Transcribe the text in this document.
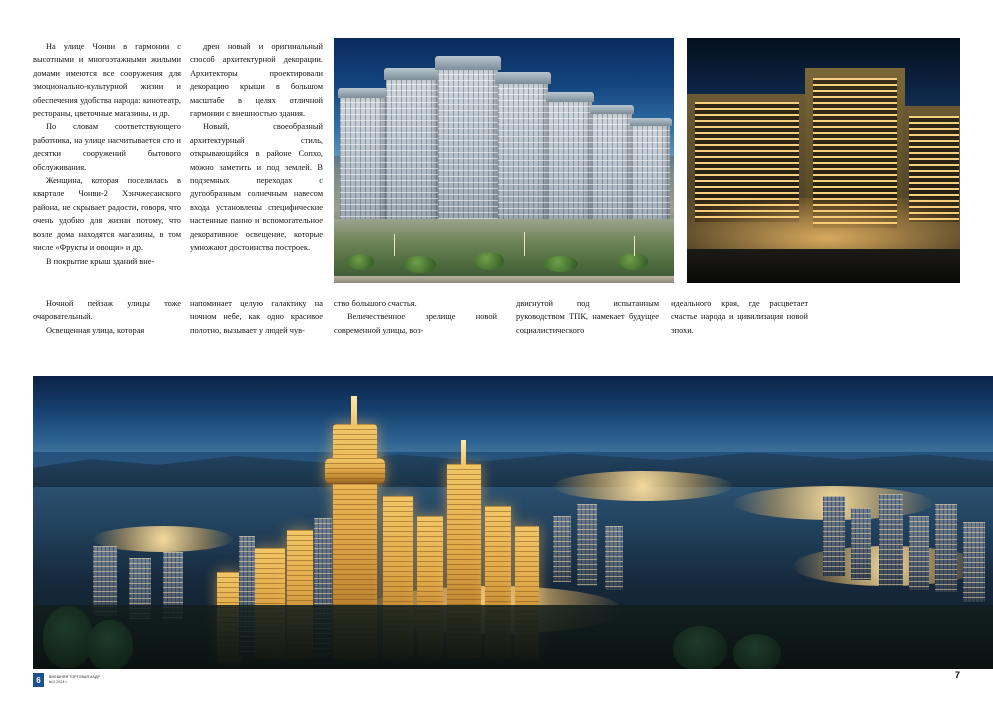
На улице Чонви в гармонии с высотными и многоэтажными жилыми домами имеются все сооружения для эмоционально-культурной жизни и обеспечения удобства народа: кинотеатр, рестораны, цветочные магазины, и др.

По словам соответствующего работника, на улице насчитывается сто и десятки сооружений бытового обслуживания.

Женщина, которая поселилась в квартале Чонви-2 Хэнчжесанского района, не скрывает радости, говоря, что очень удобно для жизни потому, что возле дома находятся магазины, в том числе «Фрукты и овощи» и др.

В покрытие крыш зданий вне-

дрен новый и оригинальный способ архитектурной декорации. Архитекторы проектировали декорацию крыши в большом масштабе в целях отличной гармонии с внешностью здания.

Новый, своеобразный архитектурный стиль, открывающийся в районе Сопхо, можно заметить и под землей. В подземных переходах с дугообразным солнечным навесом входа установлены специфические настенные панно и вспомогательное декоративное освещение, которые умножают достоинства построек.

Ночной пейзаж улицы тоже очаровательный.

Освещенная улица, которая

напоминает целую галактику на ночном небе, как одно красивое полотно, вызывает у людей чув-

ство большого счастья.

Величественное зрелище новой современной улицы, воз-

двигнутой под испытанным руководством ТПК, намекает будущее социалистического

идеального края, где расцветает счастье народа и цивилизация новой эпохи.

6	ВНЕШНЯЯ ТОРГОВАЯ КАДР
№3 2024 г.
7
